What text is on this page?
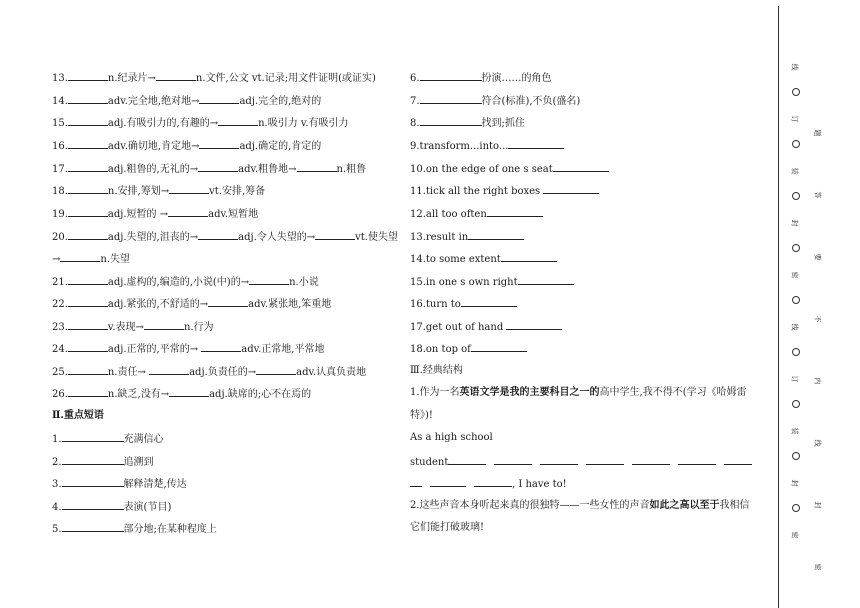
13.	n.纪录片→	n.文件,公文 vt.记录;用文件证明(或证实)
14.	adv.完全地,绝对地→	adj.完全的,绝对的
15.	adj.有吸引力的,有趣的→	n.吸引力 v.有吸引力
16.	adv.确切地,肯定地→	adj.确定的,肯定的
17.	adj.粗鲁的,无礼的→	adv.粗鲁地→	n.粗鲁
18.	n.安排,筹划→	vt.安排,筹备
19.	adj.短暂的 →	adv.短暂地
20.	adj.失望的,沮丧的→	adj.令人失望的→	vt.使失望
→	n.失望
21.	adj.虚构的,编造的,小说(中)的→	n.小说
22.	adj.紧张的,不舒适的→	adv.紧张地,笨重地
23.	v.表现→	n.行为
24.	adj.正常的,平常的→	adv.正常地,平常地
25.	n.责任→	adj.负责任的→	adv.认真负责地
26.	n.缺乏,没有→	adj.缺席的;心不在焉的
Ⅱ.重点短语
1.	充满信心
2.	追溯到
3.	解释清楚,传达
4.	表演(节目)
5.	部分地;在某种程度上
6.	扮演……的角色
7.	符合(标准),不负(盛名)
8.	找到;抓住
9.transform...into...
10.on the edge of one s seat
11.tick all the right boxes
12.all too often
13.result in
14.to some extent
15.in one s own right
16.turn to
17.get out of hand
18.on top of
Ⅲ.经典结构
1.作为一名英语文学是我的主要科目之一的高中学生,我不得不(学习《哈姆雷
特》)!
As a high school
student
, I have to!
2.这些声音本身听起来真的很独特——一些女性的声音如此之高以至于我相信
它们能打破玻璃!
线
订
装
封
密
线
订
装
封
密
题
答
要
不
内
线
封
密
